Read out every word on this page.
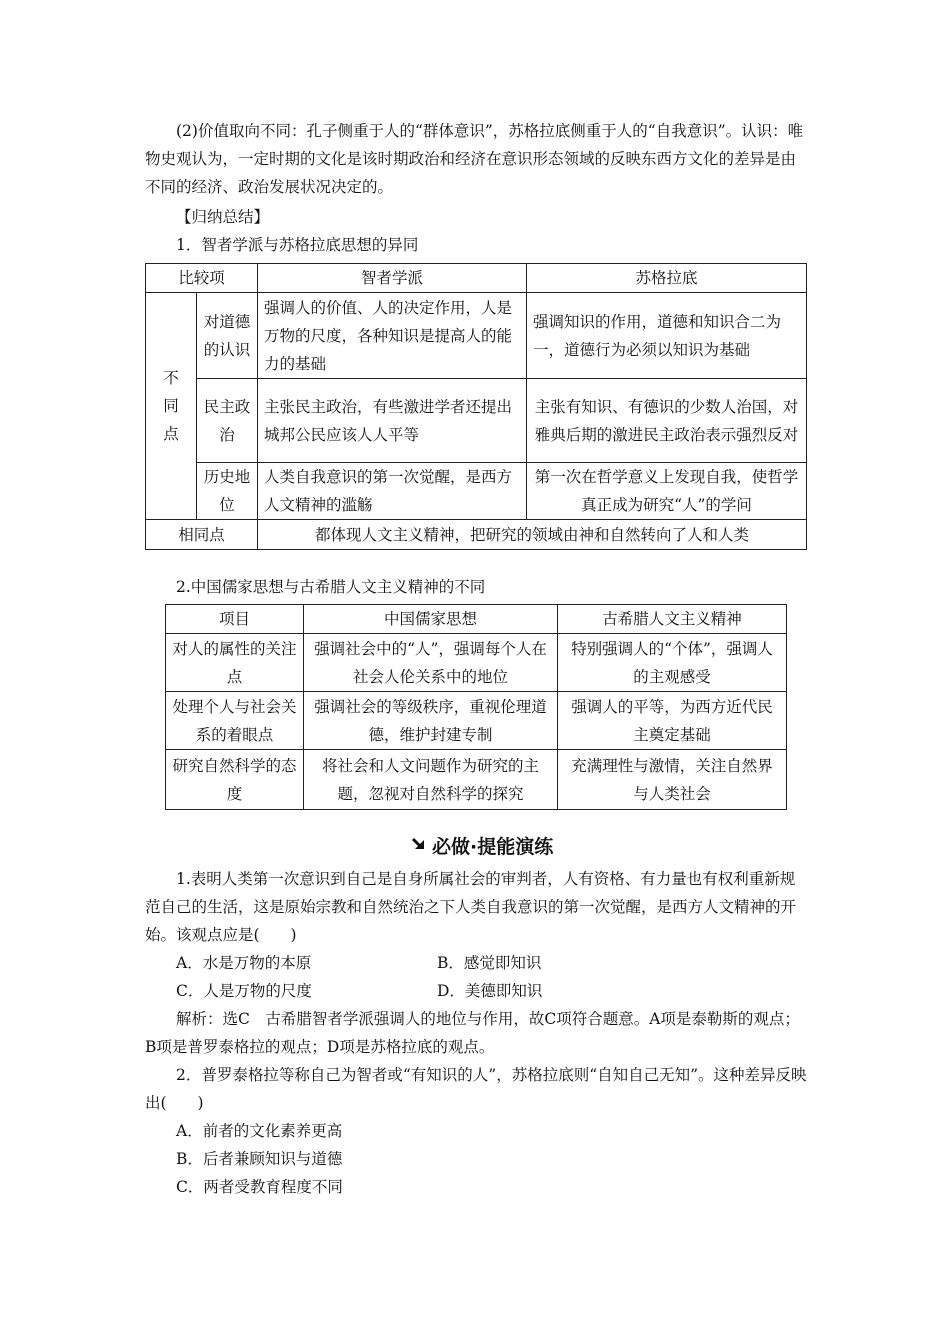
(2)价值取向不同：孔子侧重于人的“群体意识”，苏格拉底侧重于人的“自我意识”。认识：唯物史观认为，一定时期的文化是该时期政治和经济在意识形态领域的反映东西方文化的差异是由不同的经济、政治发展状况决定的。

【归纳总结】
1．智者学派与苏格拉底思想的异同
比较项		智者学派	苏格拉底
不同点	对道德的认识	强调人的价值、人的决定作用，人是万物的尺度，各种知识是提高人的能力的基础	强调知识的作用，道德和知识合二为一，道德行为必须以知识为基础
	民主政治	主张民主政治，有些激进学者还提出城邦公民应该人人平等	主张有知识、有德识的少数人治国，对雅典后期的激进民主政治表示强烈反对
	历史地位	人类自我意识的第一次觉醒，是西方人文精神的滥觞	第一次在哲学意义上发现自我，使哲学真正成为研究“人”的学问
相同点		都体现人文主义精神，把研究的领域由神和自然转向了人和人类	
2.中国儒家思想与古希腊人文主义精神的不同
项目	中国儒家思想	古希腊人文主义精神
对人的属性的关注点	强调社会中的“人”，强调每个人在社会人伦关系中的地位	特别强调人的“个体”，强调人的主观感受
处理个人与社会关系的着眼点	强调社会的等级秩序，重视伦理道德，维护封建专制	强调人的平等，为西方近代民主奠定基础
研究自然科学的态度	将社会和人文问题作为研究的主题，忽视对自然科学的探究	充满理性与激情，关注自然界与人类社会
必做·提能演练

1.表明人类第一次意识到自己是自身所属社会的审判者，人有资格、有力量也有权利重新规范自己的生活，这是原始宗教和自然统治之下人类自我意识的第一次觉醒，是西方人文精神的开始。该观点应是(　　)

A．水是万物的本原	B．感觉即知识
C．人是万物的尺度	D．美德即知识

解析：选C　古希腊智者学派强调人的地位与作用，故C项符合题意。A项是泰勒斯的观点；B项是普罗泰格拉的观点；D项是苏格拉底的观点。

2．普罗泰格拉等称自己为智者或“有知识的人”，苏格拉底则“自知自己无知”。这种差异反映出(　　)

A．前者的文化素养更高
B．后者兼顾知识与道德
C．两者受教育程度不同
